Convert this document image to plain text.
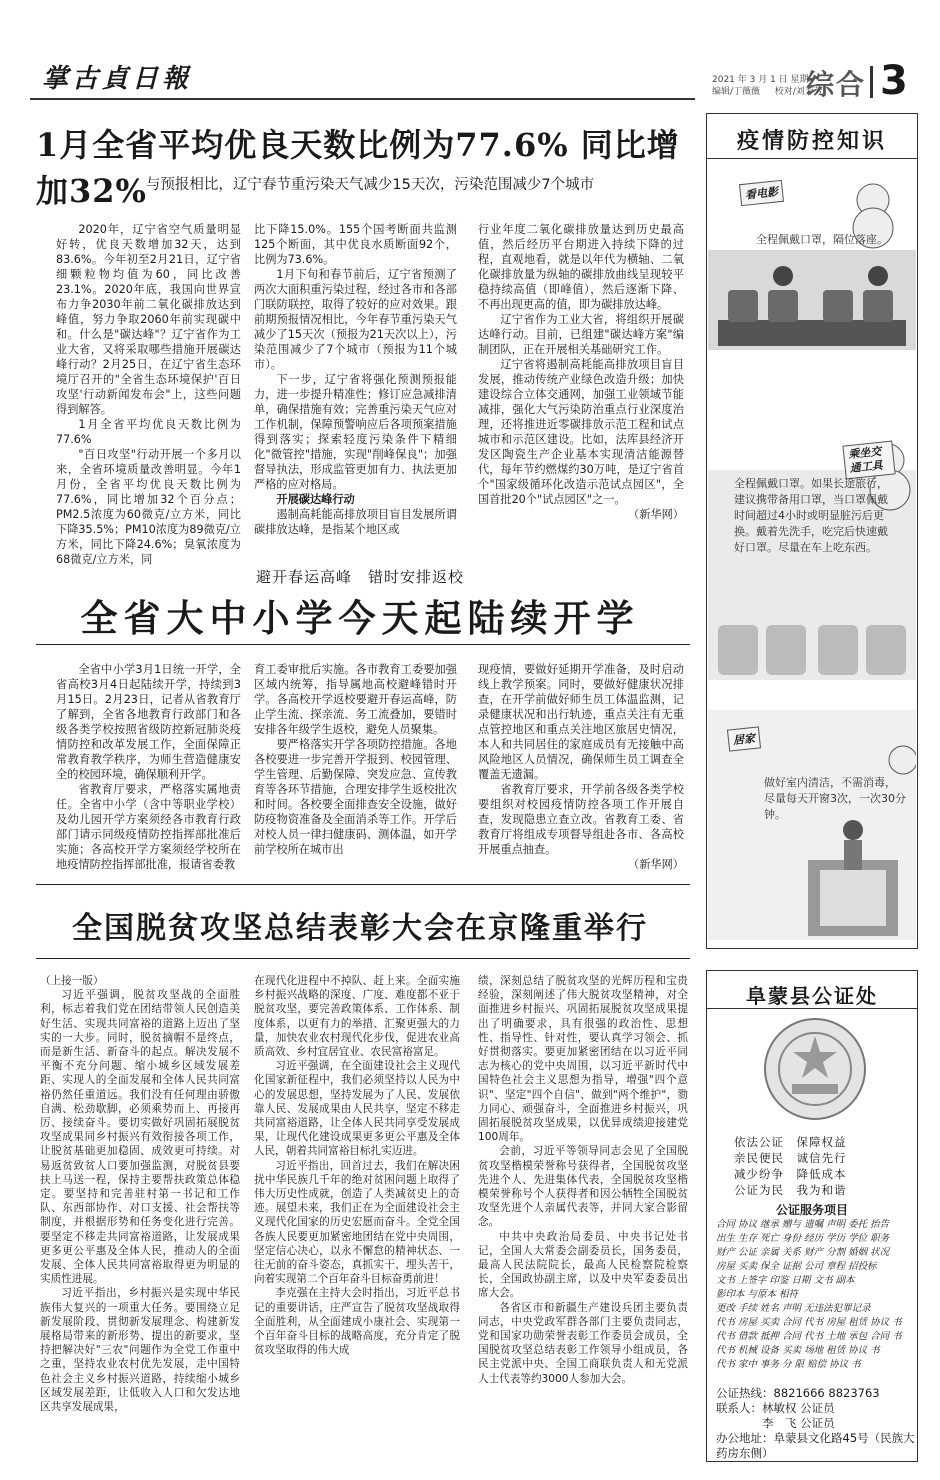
掌古貞日報	2021 年 3 月 1 日 星期一
编辑/丁薇薇 　 校对/刘芳芳
综合 3
1月全省平均优良天数比例为77.6% 同比增加32%
与预报相比，辽宁春节重污染天气减少15天次，污染范围减少7个城市

2020年，辽宁省空气质量明显好转，优良天数增加32天，达到83.6%。今年初至2月21日，辽宁省细颗粒物均值为60，同比改善23.1%。2020年底，我国向世界宣布力争2030年前二氧化碳排放达到峰值，努力争取2060年前实现碳中和。什么是"碳达峰"？辽宁省作为工业大省，又将采取哪些措施开展碳达峰行动？2月25日，在辽宁省生态环境厅召开的"全省生态环境保护'百日攻坚'行动新闻发布会"上，这些问题得到解答。

1月全省平均优良天数比例为77.6%

"百日攻坚"行动开展一个多月以来，全省环境质量改善明显。今年1月份，全省平均优良天数比例为77.6%，同比增加32个百分点；PM2.5浓度为60微克/立方米，同比下降35.5%；PM10浓度为89微克/立方米，同比下降24.6%；臭氧浓度为68微克/立方米，同

比下降15.0%。155个国考断面共监测125个断面，其中优良水质断面92个，比例为73.6%。

1月下旬和春节前后，辽宁省预测了两次大面积重污染过程，经过各市和各部门联防联控，取得了较好的应对效果。跟前期预报情况相比，今年春节重污染天气减少了15天次（预报为21天次以上），污染范围减少了7个城市（预报为11个城市）。

下一步，辽宁省将强化预测预报能力，进一步提升精准性；修订应急减排清单，确保措施有效；完善重污染天气应对工作机制，保障预警响应后各项预案措施得到落实；探索轻度污染条件下精细化"微管控"措施，实现"削峰保良"；加强督导执法，形成监管更加有力、执法更加严格的应对格局。

开展碳达峰行动

遏制高耗能高排放项目盲目发展所谓碳排放达峰，是指某个地区或

行业年度二氧化碳排放量达到历史最高值，然后经历平台期进入持续下降的过程，直观地看，就是以年代为横轴、二氧化碳排放量为纵轴的碳排放曲线呈现较平稳持续高值（即峰值），然后逐渐下降、不再出现更高的值，即为碳排放达峰。

辽宁省作为工业大省，将组织开展碳达峰行动。目前，已组建"碳达峰方案"编制团队，正在开展相关基础研究工作。

辽宁省将遏制高耗能高排放项目盲目发展，推动传统产业绿色改造升级；加快建设综合立体交通网，加强工业领域节能减排，强化大气污染防治重点行业深度治理，还将推进近零碳排放示范工程和试点城市和示范区建设。比如，法库县经济开发区陶瓷生产企业基本实现清洁能源替代，每年节约燃煤约30万吨，是辽宁省首个"国家级循环化改造示范试点园区"，全国首批20个"试点园区"之一。

（新华网）

避开春运高峰　错时安排返校
全省大中小学今天起陆续开学

全省中小学3月1日统一开学，全省高校3月4日起陆续开学，持续到3月15日。2月23日，记者从省教育厅了解到，全省各地教育行政部门和各级各类学校按照省级防控新冠肺炎疫情防控和改革发展工作，全面保障正常教育教学秩序，为师生营造健康安全的校园环境，确保顺利开学。

省教育厅要求，严格落实属地责任。全省中小学（含中等职业学校）及幼儿园开学方案须经各市教育行政部门请示同级疫情防控指挥部批准后实施；各高校开学方案须经学校所在地疫情防控指挥部批准，报请省委教

育工委审批后实施。各市教育工委要加强区域内统筹，指导属地高校避峰错时开学。各高校开学返校要避开春运高峰，防止学生流、探亲流、务工流叠加，要错时安排各年级学生返校，避免人员聚集。

要严格落实开学各项防控措施。各地各校要进一步完善开学报到、校园管理、学生管理、后勤保障、突发应急、宣传教育等各环节措施，合理安排学生返校批次和时间。各校要全面排查安全设施，做好防疫物资准备及全面消杀等工作。开学后对校人员一律扫健康码、测体温，如开学前学校所在城市出

现疫情，要做好延期开学准备，及时启动线上教学预案。同时，要做好健康状况排查，在开学前做好师生员工体温监测，记录健康状况和出行轨迹，重点关注有无重点管控地区和重点关注地区旅居史情况，本人和共同居住的家庭成员有无接触中高风险地区人员情况，确保师生员工调查全覆盖无遗漏。

省教育厅要求，开学前各级各类学校要组织对校园疫情防控各项工作开展自查，发现隐患立查立改。省教育工委、省教育厅将组成专项督导组赴各市、各高校开展重点抽查。

（新华网）

全国脱贫攻坚总结表彰大会在京隆重举行

（上接一版）

习近平强调，脱贫攻坚战的全面胜利，标志着我们党在团结带领人民创造美好生活、实现共同富裕的道路上迈出了坚实的一大步。同时，脱贫摘帽不是终点，而是新生活、新奋斗的起点。解决发展不平衡不充分问题、缩小城乡区域发展差距、实现人的全面发展和全体人民共同富裕仍然任重道远。我们没有任何理由骄傲自满、松劲歇脚，必须乘势而上、再接再厉、接续奋斗。要切实做好巩固拓展脱贫攻坚成果同乡村振兴有效衔接各项工作，让脱贫基础更加稳固、成效更可持续。对易返贫致贫人口要加强监测，对脱贫县要扶上马送一程，保持主要帮扶政策总体稳定。要坚持和完善驻村第一书记和工作队、东西部协作、对口支援、社会帮扶等制度，并根据形势和任务变化进行完善。要坚定不移走共同富裕道路，让发展成果更多更公平惠及全体人民，推动人的全面发展、全体人民共同富裕取得更为明显的实质性进展。

习近平指出，乡村振兴是实现中华民族伟大复兴的一项重大任务。要围绕立足新发展阶段、贯彻新发展理念、构建新发展格局带来的新形势、提出的新要求，坚持把解决好"三农"问题作为全党工作重中之重，坚持农业农村优先发展，走中国特色社会主义乡村振兴道路，持续缩小城乡区域发展差距，让低收入人口和欠发达地区共享发展成果，

在现代化进程中不掉队、赶上来。全面实施乡村振兴战略的深度、广度、难度都不亚于脱贫攻坚，要完善政策体系、工作体系、制度体系，以更有力的举措、汇聚更强大的力量，加快农业农村现代化步伐，促进农业高质高效、乡村宜居宜业、农民富裕富足。

习近平强调，在全面建设社会主义现代化国家新征程中，我们必须坚持以人民为中心的发展思想，坚持发展为了人民、发展依靠人民、发展成果由人民共享，坚定不移走共同富裕道路，让全体人民共同享受发展成果，让现代化建设成果更多更公平惠及全体人民，朝着共同富裕目标扎实迈进。

习近平指出，回首过去，我们在解决困扰中华民族几千年的绝对贫困问题上取得了伟大历史性成就，创造了人类减贫史上的奇迹。展望未来，我们正在为全面建设社会主义现代化国家的历史宏愿而奋斗。全党全国各族人民要更加紧密地团结在党中央周围，坚定信心决心，以永不懈怠的精神状态、一往无前的奋斗姿态，真抓实干、埋头苦干，向着实现第二个百年奋斗目标奋勇前进！

李克强在主持大会时指出，习近平总书记的重要讲话，庄严宣告了脱贫攻坚战取得全面胜利，从全面建成小康社会、实现第一个百年奋斗目标的战略高度，充分肯定了脱贫攻坚取得的伟大成

绩，深刻总结了脱贫攻坚的光辉历程和宝贵经验，深刻阐述了伟大脱贫攻坚精神，对全面推进乡村振兴、巩固拓展脱贫攻坚成果提出了明确要求，具有很强的政治性、思想性、指导性、针对性，要认真学习领会、抓好贯彻落实。要更加紧密团结在以习近平同志为核心的党中央周围，以习近平新时代中国特色社会主义思想为指导，增强"四个意识"、坚定"四个自信"、做到"两个维护"，勠力同心、顽强奋斗，全面推进乡村振兴，巩固拓展脱贫攻坚成果，以优异成绩迎接建党100周年。

会前，习近平等领导同志会见了全国脱贫攻坚楷模荣誉称号获得者，全国脱贫攻坚先进个人、先进集体代表，全国脱贫攻坚楷模荣誉称号个人获得者和因公牺牲全国脱贫攻坚先进个人亲属代表等，并同大家合影留念。

中共中央政治局委员、中央书记处书记，全国人大常委会副委员长，国务委员，最高人民法院院长，最高人民检察院检察长，全国政协副主席，以及中央军委委员出席大会。

各省区市和新疆生产建设兵团主要负责同志，中央党政军群各部门主要负责同志，党和国家功勋荣誉表彰工作委员会成员，全国脱贫攻坚总结表彰工作领导小组成员，各民主党派中央、全国工商联负责人和无党派人士代表等约3000人参加大会。

疫情防控知识
看电影
全程佩戴口罩，隔位落座。
乘坐交通工具
全程佩戴口罩。如果长途旅行，建议携带备用口罩，当口罩佩戴时间超过4小时或明显脏污后更换。戴着先洗手，吃完后快速戴好口罩。尽量在车上吃东西。
居家
做好室内清洁，不需消毒，尽量每天开窗3次，一次30分钟。
阜蒙县公证处
依法公证　保障权益
亲民便民　诚信先行
减少纷争　降低成本
公证为民　我为和谐
公证服务项目
合同 协议 继承 赠与 遗嘱 声明 委托 抬告
出生 生存 死亡 身份 经历 学历 学位 职务
财产 公证 亲属 关系 财产 分割 婚姻 状况
房屋 买卖 保全 证据 公司 章程 招投标
文书 上签字 印鉴 日期 文书 副本
影印本 与原本 相符
更改 手续 姓名 声明 无违法犯罪记录
代书 房屋 买卖 合同 代书 房屋 租赁 协议 书
代书 借款 抵押 合同 代书 土地 承包 合同 书
代书 机械 设备 买卖 场地 租赁 协议 书
代书 家中 事务 分 限 赔偿 协议 书
公证热线：8821666 8823763
联系人：林敏权 公证员
　　　　李　飞 公证员
办公地址：阜蒙县文化路45号（民族大药房东侧）
